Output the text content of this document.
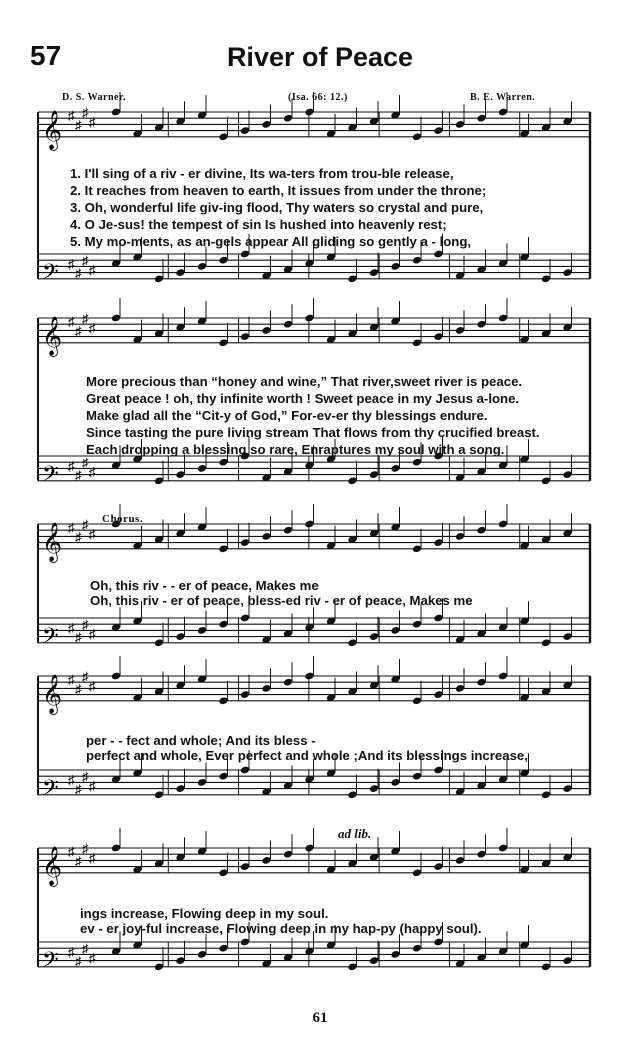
57	River of Peace
D. S. Warner.	(Isa. 66: 12.)	B. E. Warren.
𝄞 ♯
♯
♯
♯
𝄢 ♯
♯
♯
♯
𝄞 ♯
♯
♯
♯
𝄢 ♯
♯
♯
♯
𝄞 ♯
♯
♯
♯
𝄢 ♯
♯
♯
♯
𝄞 ♯
♯
♯
♯
𝄢 ♯
♯
♯
♯
𝄞 ♯
♯
♯
♯
𝄢 ♯
♯
♯
♯
1. I'll sing of a riv - er divine, Its wa-ters from trou-ble release,
2. It reaches from heaven to earth, It issues from under the throne;
3. Oh, wonderful life giv-ing flood, Thy waters so crystal and pure,
4. O Je-sus! the tempest of sin Is hushed into heavenly rest;
5. My mo-ments, as an-gels appear All gliding so gently a - long,
More precious than “honey and wine,” That river,sweet river is peace.
Great peace ! oh, thy infinite worth ! Sweet peace in my Jesus a-lone.
Make glad all the “Cit-y of God,” For-ev-er thy blessings endure.
Since tasting the pure living stream That flows from thy crucified breast.
Each dropping a blessing so rare, Enraptures my soul with a song.
Chorus.
Oh, this riv - - er of peace, Makes me
Oh, this riv - er of peace, bless-ed riv - er of peace, Makes me
per - - fect and whole; And its bless -
perfect and whole, Ever perfect and whole ;And its blessings increase,
ad lib.
ings increase, Flowing deep in my soul.
ev - er joy-ful increase, Flowing deep in my hap-py (happy soul).
61
